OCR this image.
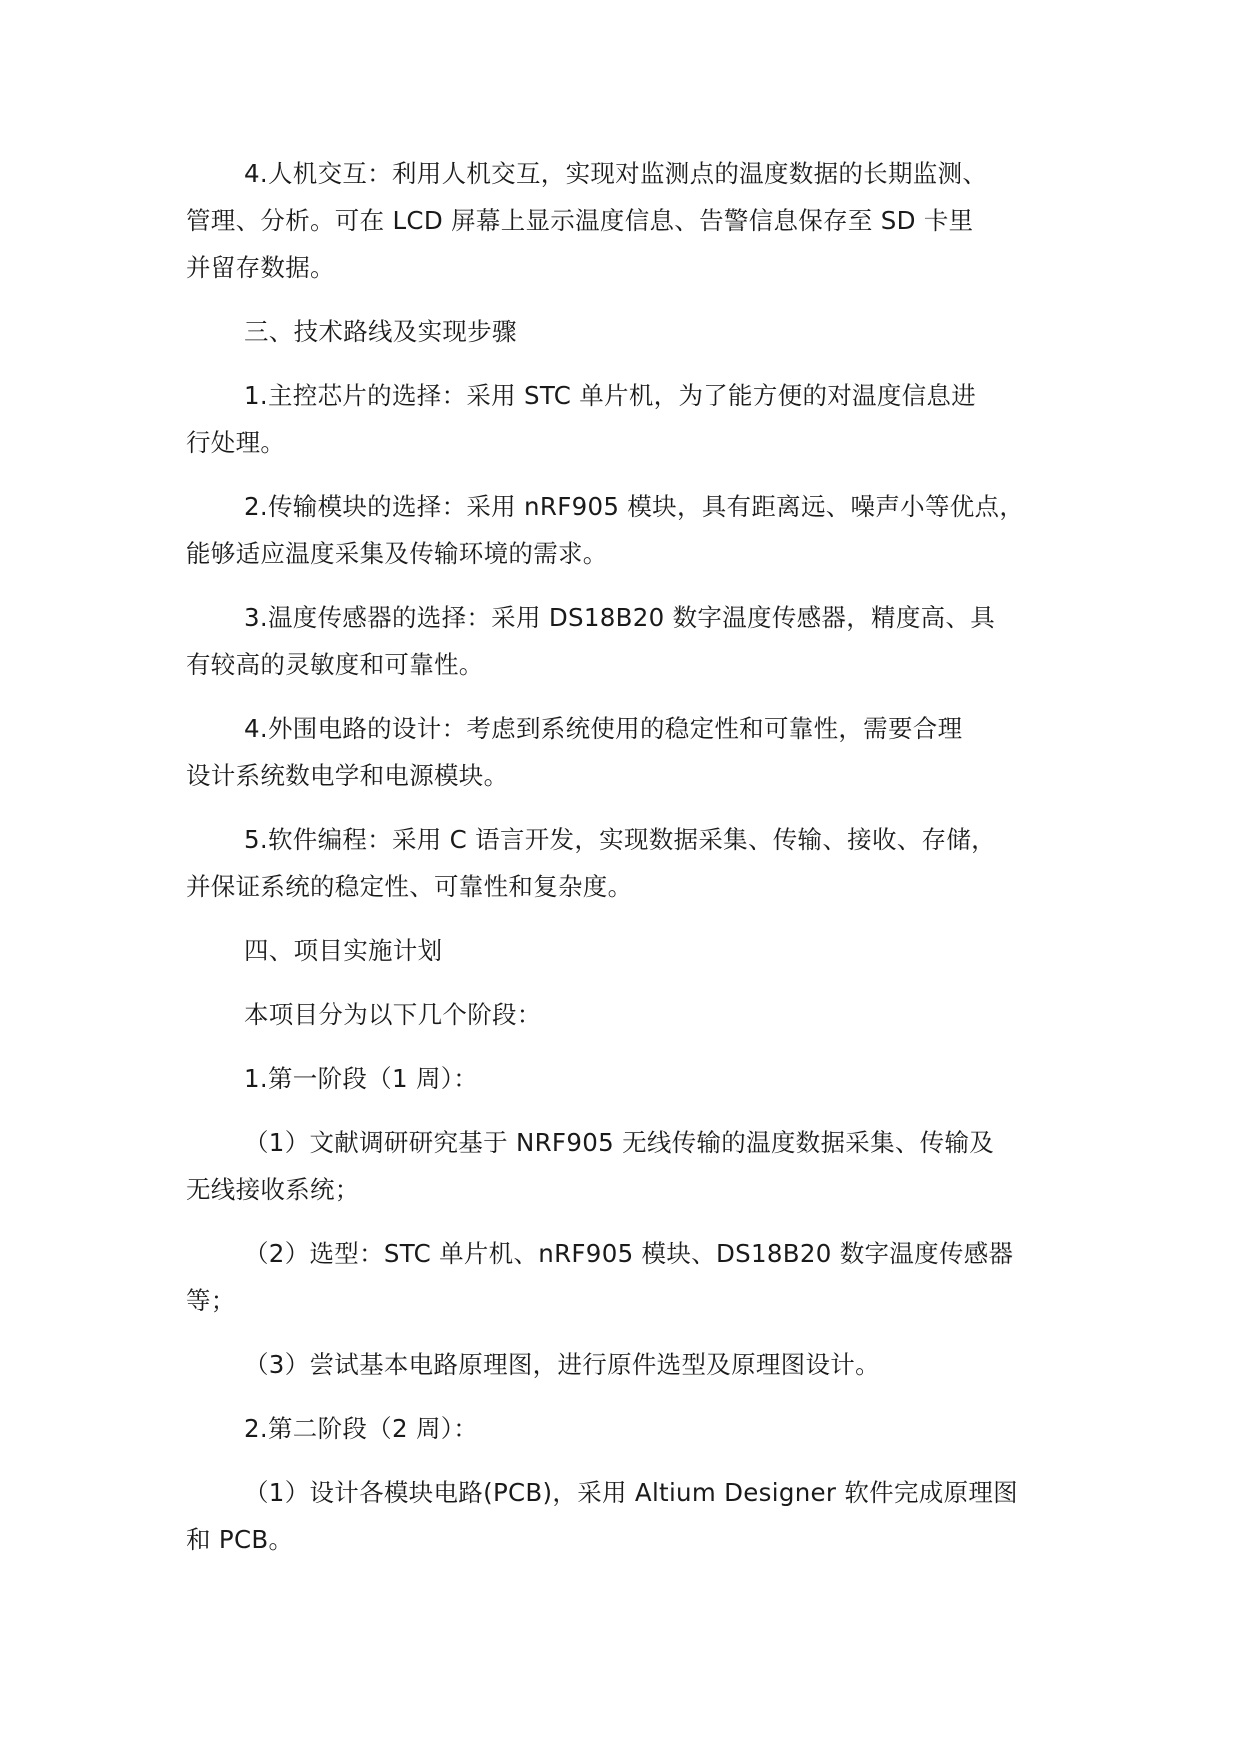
4.人机交互：利用人机交互，实现对监测点的温度数据的长期监测、
管理、分析。可在 LCD 屏幕上显示温度信息、告警信息保存至 SD 卡里
并留存数据。

三、技术路线及实现步骤

1.主控芯片的选择：采用 STC 单片机，为了能方便的对温度信息进
行处理。

2.传输模块的选择：采用 nRF905 模块，具有距离远、噪声小等优点，
能够适应温度采集及传输环境的需求。

3.温度传感器的选择：采用 DS18B20 数字温度传感器，精度高、具
有较高的灵敏度和可靠性。

4.外围电路的设计：考虑到系统使用的稳定性和可靠性，需要合理
设计系统数电学和电源模块。

5.软件编程：采用 C 语言开发，实现数据采集、传输、接收、存储，
并保证系统的稳定性、可靠性和复杂度。

四、项目实施计划

本项目分为以下几个阶段：

1.第一阶段（1 周）：

（1）文献调研研究基于 NRF905 无线传输的温度数据采集、传输及
无线接收系统；

（2）选型：STC 单片机、nRF905 模块、DS18B20 数字温度传感器
等；

（3）尝试基本电路原理图，进行原件选型及原理图设计。

2.第二阶段（2 周）：

（1）设计各模块电路(PCB)，采用 Altium Designer 软件完成原理图
和 PCB。
